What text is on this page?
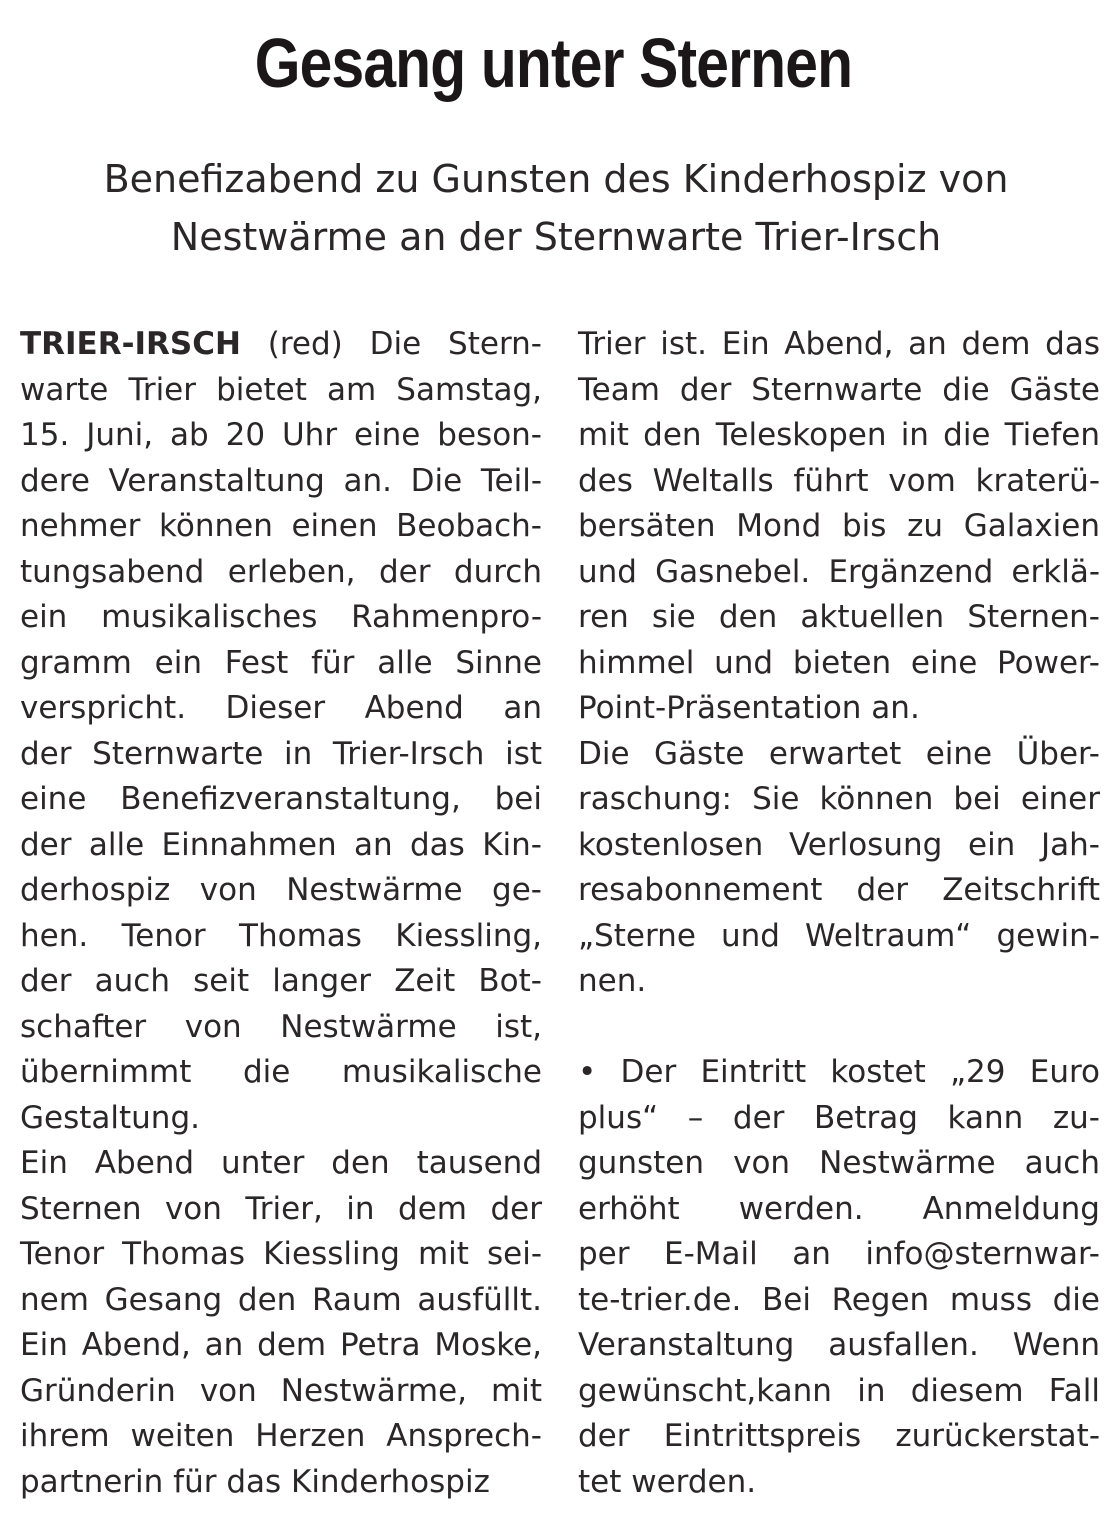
Gesang unter Sternen
Benefizabend zu Gunsten des Kinderhospiz von
Nestwärme an der Sternwarte Trier-Irsch
TRIER-IRSCH (red) Die Stern-
warte Trier bietet am Samstag,
15. Juni, ab 20 Uhr eine beson-
dere Veranstaltung an. Die Teil-
nehmer können einen Beobach-
tungsabend erleben, der durch
ein musikalisches Rahmenpro-
gramm ein Fest für alle Sinne
verspricht. Dieser Abend an
der Sternwarte in Trier-Irsch ist
eine Benefizveranstaltung, bei
der alle Einnahmen an das Kin-
derhospiz von Nestwärme ge-
hen. Tenor Thomas Kiessling,
der auch seit langer Zeit Bot-
schafter von Nestwärme ist,
übernimmt die musikalische
Gestaltung.
Ein Abend unter den tausend
Sternen von Trier, in dem der
Tenor Thomas Kiessling mit sei-
nem Gesang den Raum ausfüllt.
Ein Abend, an dem Petra Moske,
Gründerin von Nestwärme, mit
ihrem weiten Herzen Ansprech-
partnerin für das Kinderhospiz
Trier ist. Ein Abend, an dem das
Team der Sternwarte die Gäste
mit den Teleskopen in die Tiefen
des Weltalls führt vom kraterü-
bersäten Mond bis zu Galaxien
und Gasnebel. Ergänzend erklä-
ren sie den aktuellen Sternen-
himmel und bieten eine Power-
Point-Präsentation an.
Die Gäste erwartet eine Über-
raschung: Sie können bei einer
kostenlosen Verlosung ein Jah-
resabonnement der Zeitschrift
„Sterne und Weltraum“ gewin-
nen.
• Der Eintritt kostet „29 Euro
plus“ – der Betrag kann zu-
gunsten von Nestwärme auch
erhöht werden. Anmeldung
per E-Mail an info@sternwar-
te-trier.de. Bei Regen muss die
Veranstaltung ausfallen. Wenn
gewünscht,kann in diesem Fall
der Eintrittspreis zurückerstat-
tet werden.
